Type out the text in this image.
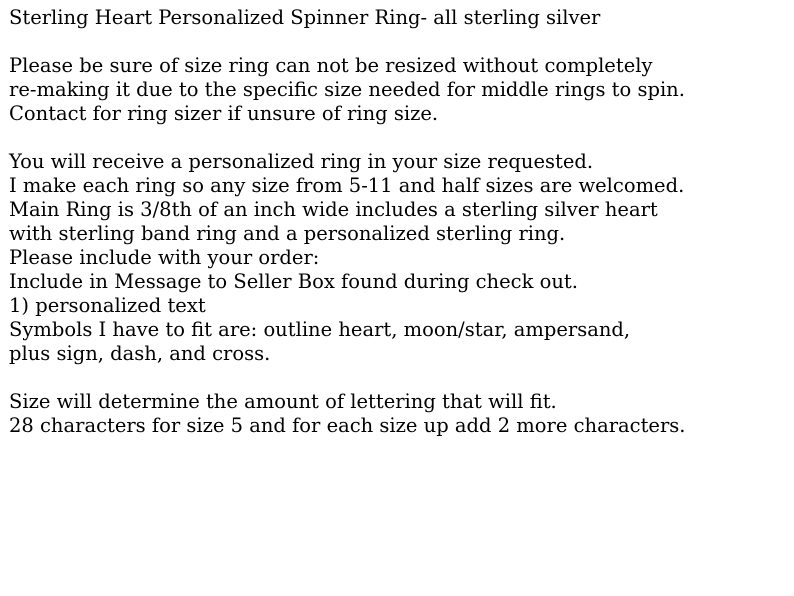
Sterling Heart Personalized Spinner Ring- all sterling silver
Please be sure of size ring can not be resized without completely
re-making it due to the specific size needed for middle rings to spin.
Contact for ring sizer if unsure of ring size.
You will receive a personalized ring in your size requested.
I make each ring so any size from 5-11 and half sizes are welcomed.
Main Ring is 3/8th of an inch wide includes a sterling silver heart
with sterling band ring and a personalized sterling ring.
Please include with your order:
Include in Message to Seller Box found during check out.
1) personalized text
Symbols I have to fit are: outline heart, moon/star, ampersand,
plus sign, dash, and cross.
Size will determine the amount of lettering that will fit.
28 characters for size 5 and for each size up add 2 more characters.
